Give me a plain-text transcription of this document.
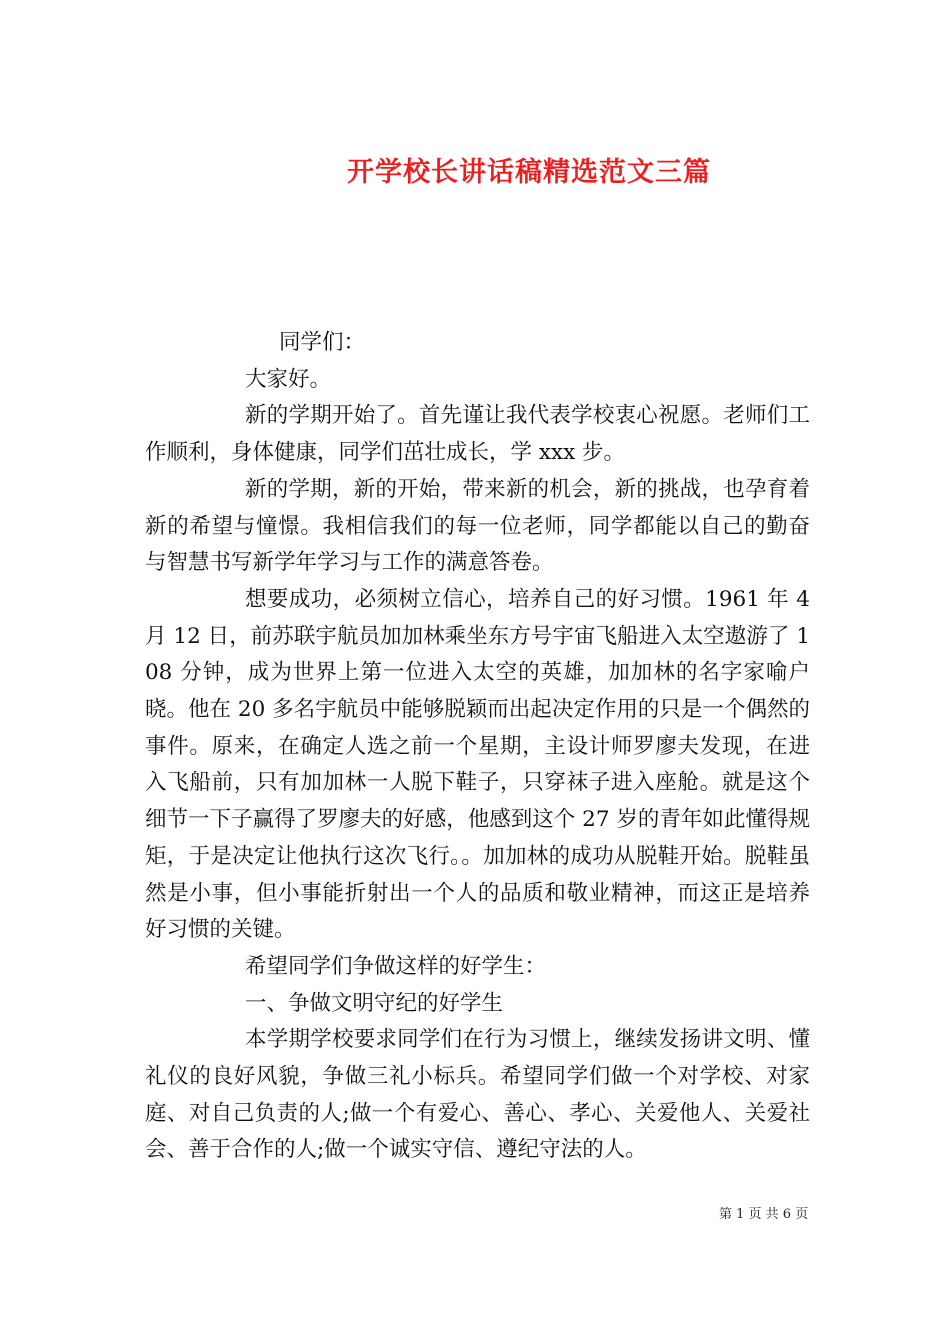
开学校长讲话稿精选范文三篇

同学们：

大家好。

新的学期开始了。首先谨让我代表学校衷心祝愿。老师们工作顺利，身体健康，同学们茁壮成长，学 xxx 步。

新的学期，新的开始，带来新的机会，新的挑战，也孕育着新的希望与憧憬。我相信我们的每一位老师，同学都能以自己的勤奋与智慧书写新学年学习与工作的满意答卷。

想要成功，必须树立信心，培养自己的好习惯。1961 年 4 月 12 日，前苏联宇航员加加林乘坐东方号宇宙飞船进入太空遨游了 108 分钟，成为世界上第一位进入太空的英雄，加加林的名字家喻户晓。他在 20 多名宇航员中能够脱颖而出起决定作用的只是一个偶然的事件。原来，在确定人选之前一个星期，主设计师罗廖夫发现，在进入飞船前，只有加加林一人脱下鞋子，只穿袜子进入座舱。就是这个细节一下子赢得了罗廖夫的好感，他感到这个 27 岁的青年如此懂得规矩，于是决定让他执行这次飞行。。加加林的成功从脱鞋开始。脱鞋虽然是小事，但小事能折射出一个人的品质和敬业精神，而这正是培养好习惯的关键。

希望同学们争做这样的好学生：

一、争做文明守纪的好学生

本学期学校要求同学们在行为习惯上，继续发扬讲文明、懂礼仪的良好风貌，争做三礼小标兵。希望同学们做一个对学校、对家庭、对自己负责的人;做一个有爱心、善心、孝心、关爱他人、关爱社会、善于合作的人;做一个诚实守信、遵纪守法的人。

第 1 页 共 6 页
